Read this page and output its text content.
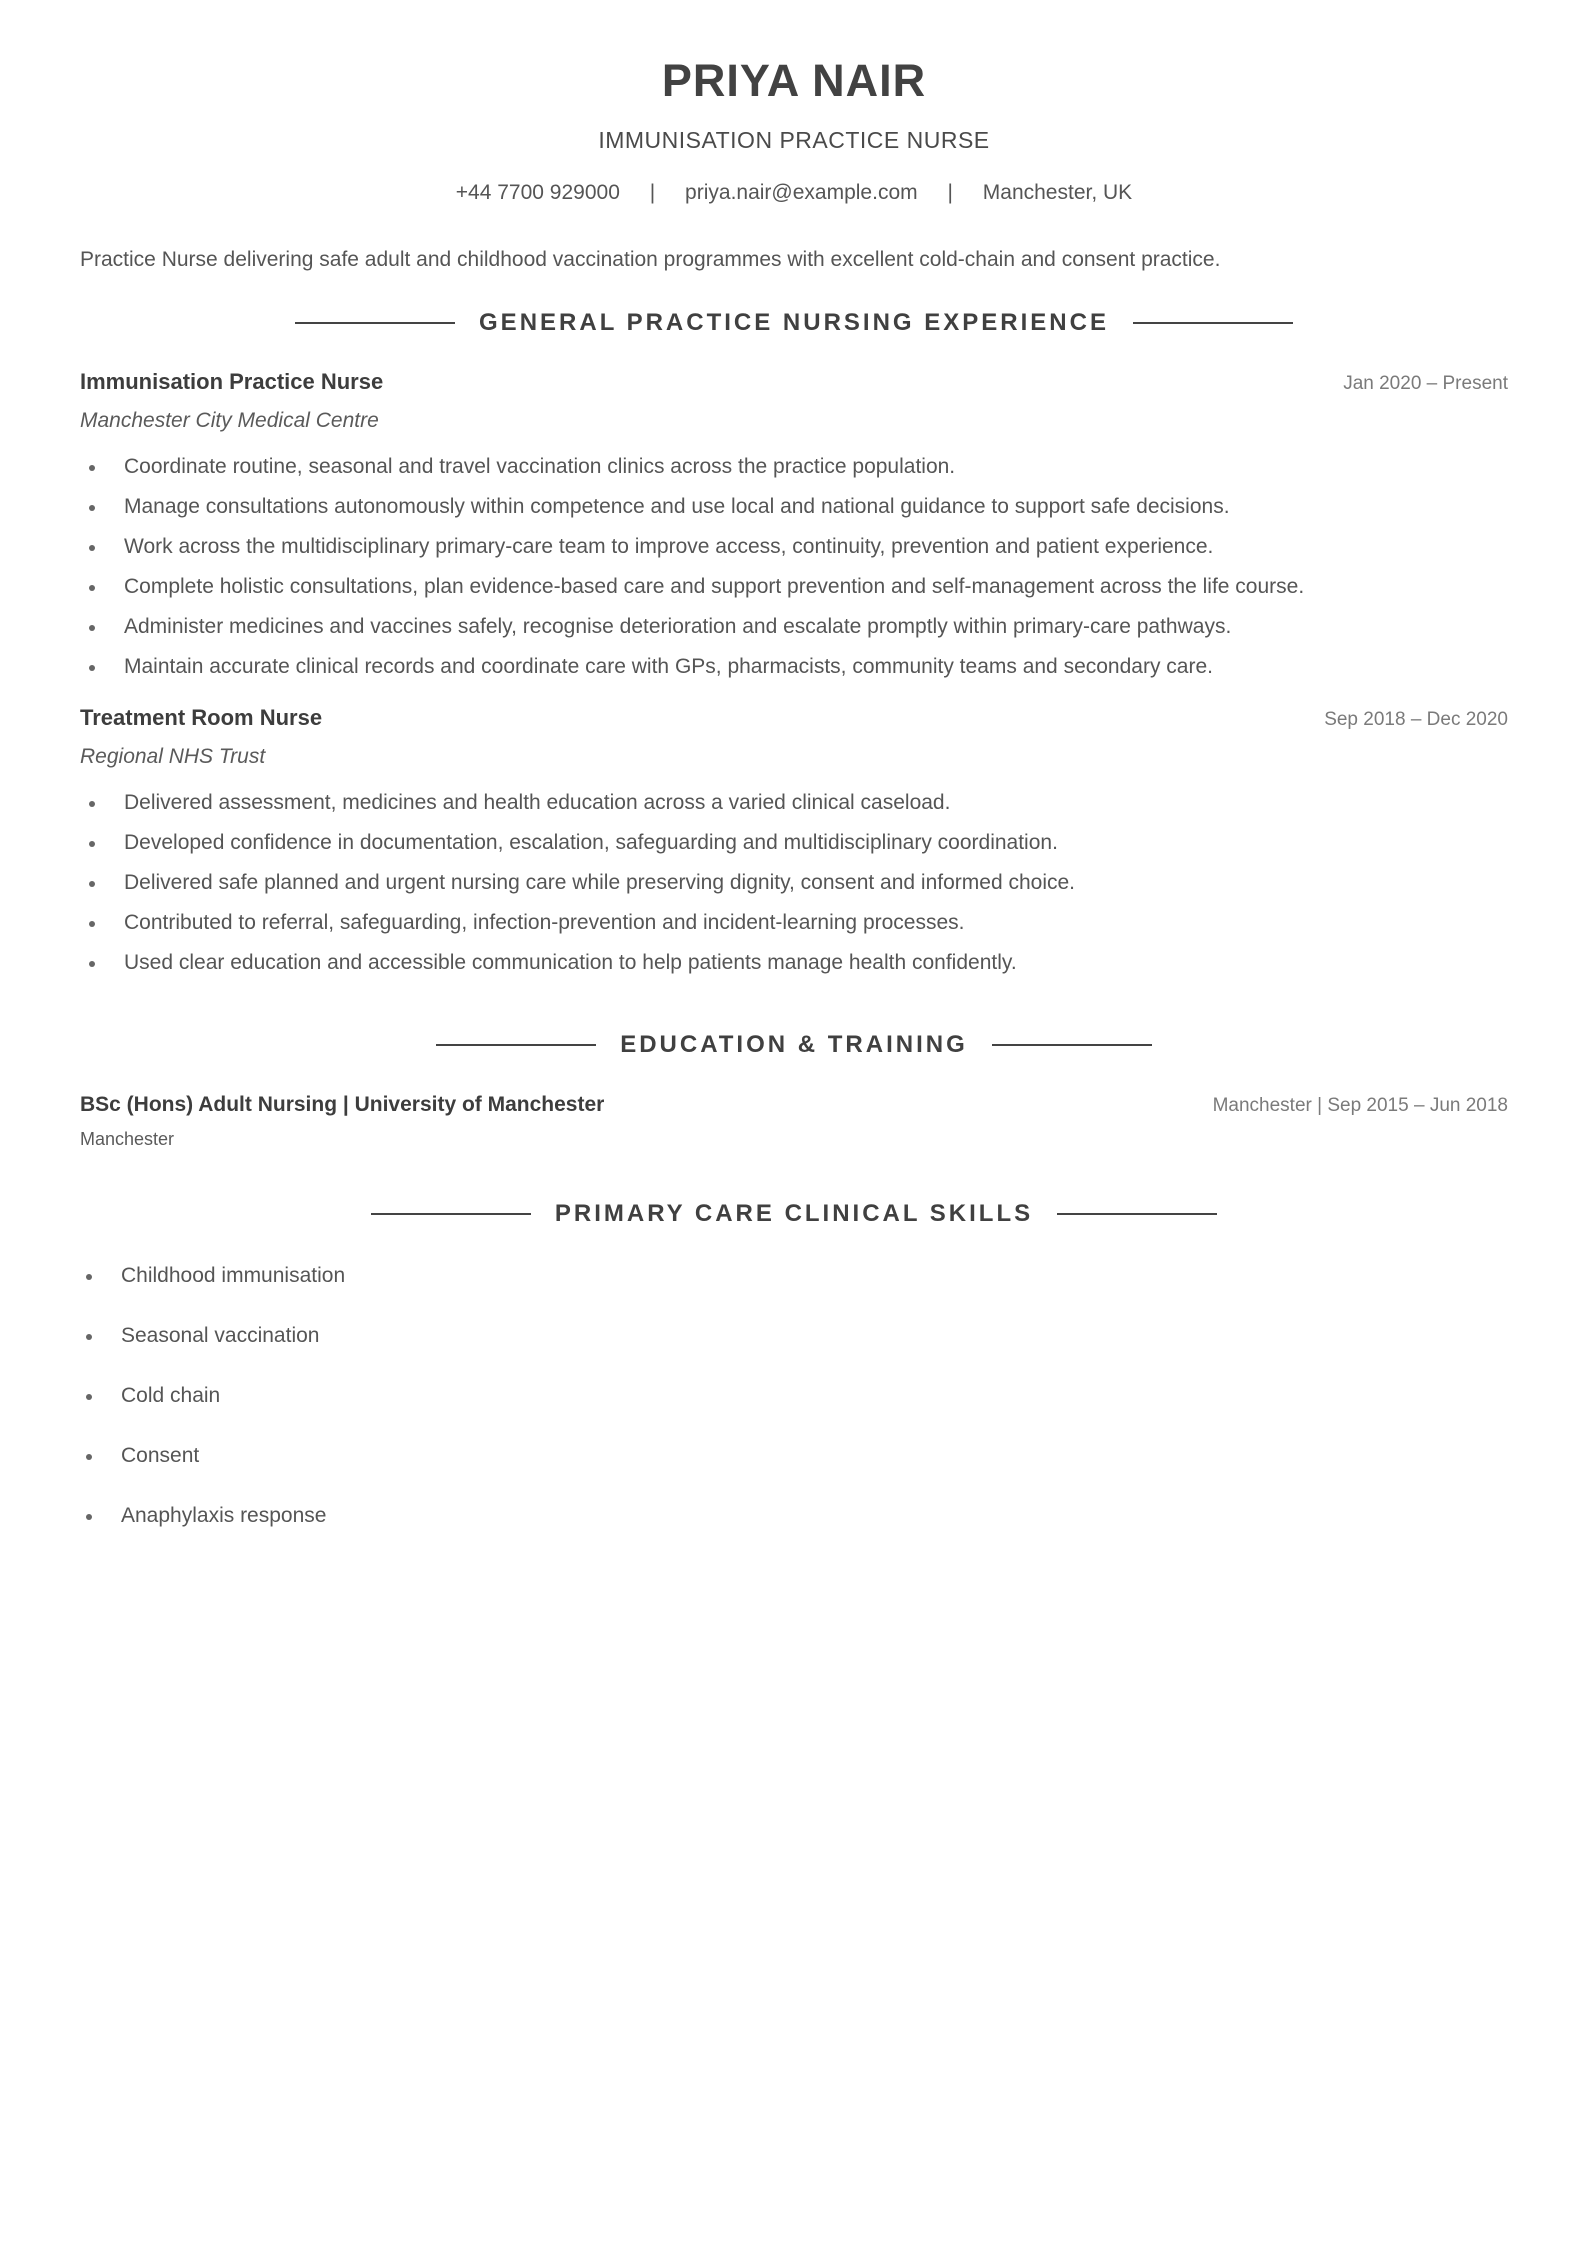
PRIYA NAIR
IMMUNISATION PRACTICE NURSE
+44 7700 929000 | priya.nair@example.com | Manchester, UK

Practice Nurse delivering safe adult and childhood vaccination programmes with excellent cold-chain and consent practice.

GENERAL PRACTICE NURSING EXPERIENCE
Immunisation Practice Nurse	Jan 2020 – Present
Manchester City Medical Centre
Coordinate routine, seasonal and travel vaccination clinics across the practice population.
Manage consultations autonomously within competence and use local and national guidance to support safe decisions.
Work across the multidisciplinary primary-care team to improve access, continuity, prevention and patient experience.
Complete holistic consultations, plan evidence-based care and support prevention and self-management across the life course.
Administer medicines and vaccines safely, recognise deterioration and escalate promptly within primary-care pathways.
Maintain accurate clinical records and coordinate care with GPs, pharmacists, community teams and secondary care.
Treatment Room Nurse	Sep 2018 – Dec 2020
Regional NHS Trust
Delivered assessment, medicines and health education across a varied clinical caseload.
Developed confidence in documentation, escalation, safeguarding and multidisciplinary coordination.
Delivered safe planned and urgent nursing care while preserving dignity, consent and informed choice.
Contributed to referral, safeguarding, infection-prevention and incident-learning processes.
Used clear education and accessible communication to help patients manage health confidently.
EDUCATION & TRAINING
BSc (Hons) Adult Nursing | University of Manchester	Manchester | Sep 2015 – Jun 2018
Manchester
PRIMARY CARE CLINICAL SKILLS
Childhood immunisation
Seasonal vaccination
Cold chain
Consent
Anaphylaxis response
